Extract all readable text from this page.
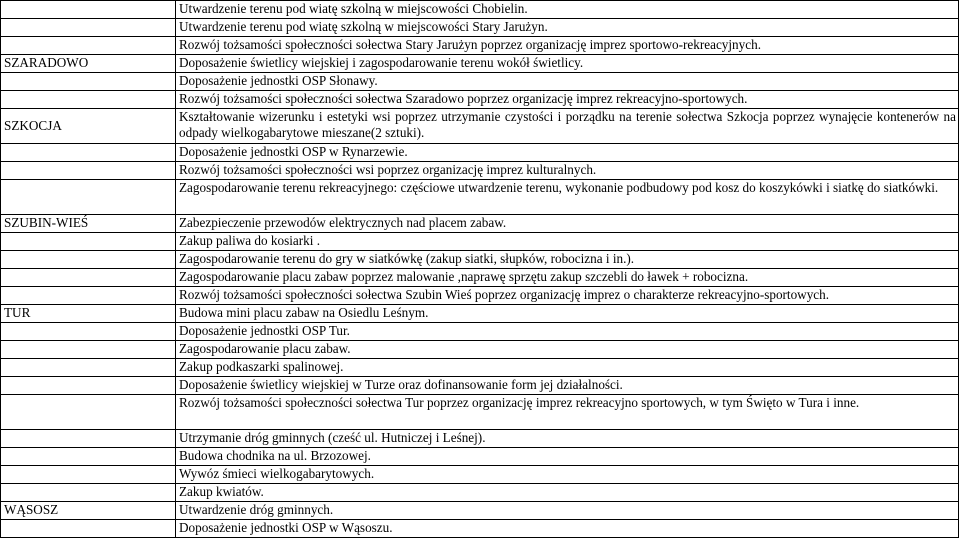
	Utwardzenie terenu pod wiatę szkolną w miejscowości Chobielin.
	Utwardzenie terenu pod wiatę szkolną w miejscowości Stary Jarużyn.
	Rozwój tożsamości społeczności sołectwa Stary Jarużyn poprzez organizację imprez sportowo-rekreacyjnych.
SZARADOWO	Doposażenie świetlicy wiejskiej i zagospodarowanie terenu wokół świetlicy.
	Doposażenie jednostki OSP Słonawy.
	Rozwój tożsamości społeczności sołectwa Szaradowo poprzez organizację imprez rekreacyjno-sportowych.
SZKOCJA	Kształtowanie wizerunku i estetyki wsi poprzez utrzymanie czystości i porządku na terenie sołectwa Szkocja poprzez wynajęcie kontenerów na odpady wielkogabarytowe mieszane(2 sztuki).
	Doposażenie jednostki OSP w Rynarzewie.
	Rozwój tożsamości społeczności wsi poprzez organizację imprez kulturalnych.
	Zagospodarowanie terenu rekreacyjnego: częściowe utwardzenie terenu, wykonanie podbudowy pod kosz do koszykówki i siatkę do siatkówki.
SZUBIN-WIEŚ	Zabezpieczenie przewodów elektrycznych nad placem zabaw.
	Zakup paliwa do kosiarki .
	Zagospodarowanie terenu do gry w siatkówkę (zakup siatki, słupków, robocizna i in.).
	Zagospodarowanie placu zabaw poprzez malowanie ,naprawę sprzętu zakup szczebli do ławek + robocizna.
	Rozwój tożsamości społeczności sołectwa Szubin Wieś poprzez organizację imprez o charakterze rekreacyjno-sportowych.
TUR	Budowa mini placu zabaw na Osiedlu Leśnym.
	Doposażenie jednostki OSP Tur.
	Zagospodarowanie placu zabaw.
	Zakup podkaszarki spalinowej.
	Doposażenie świetlicy wiejskiej w Turze oraz dofinansowanie form jej działalności.
	Rozwój tożsamości społeczności sołectwa Tur poprzez organizację imprez rekreacyjno sportowych, w tym Święto w Tura i inne.
	Utrzymanie dróg gminnych (cześć ul. Hutniczej i Leśnej).
	Budowa chodnika na ul. Brzozowej.
	Wywóz śmieci wielkogabarytowych.
	Zakup kwiatów.
WĄSOSZ	Utwardzenie dróg gminnych.
	Doposażenie jednostki OSP w Wąsoszu.
